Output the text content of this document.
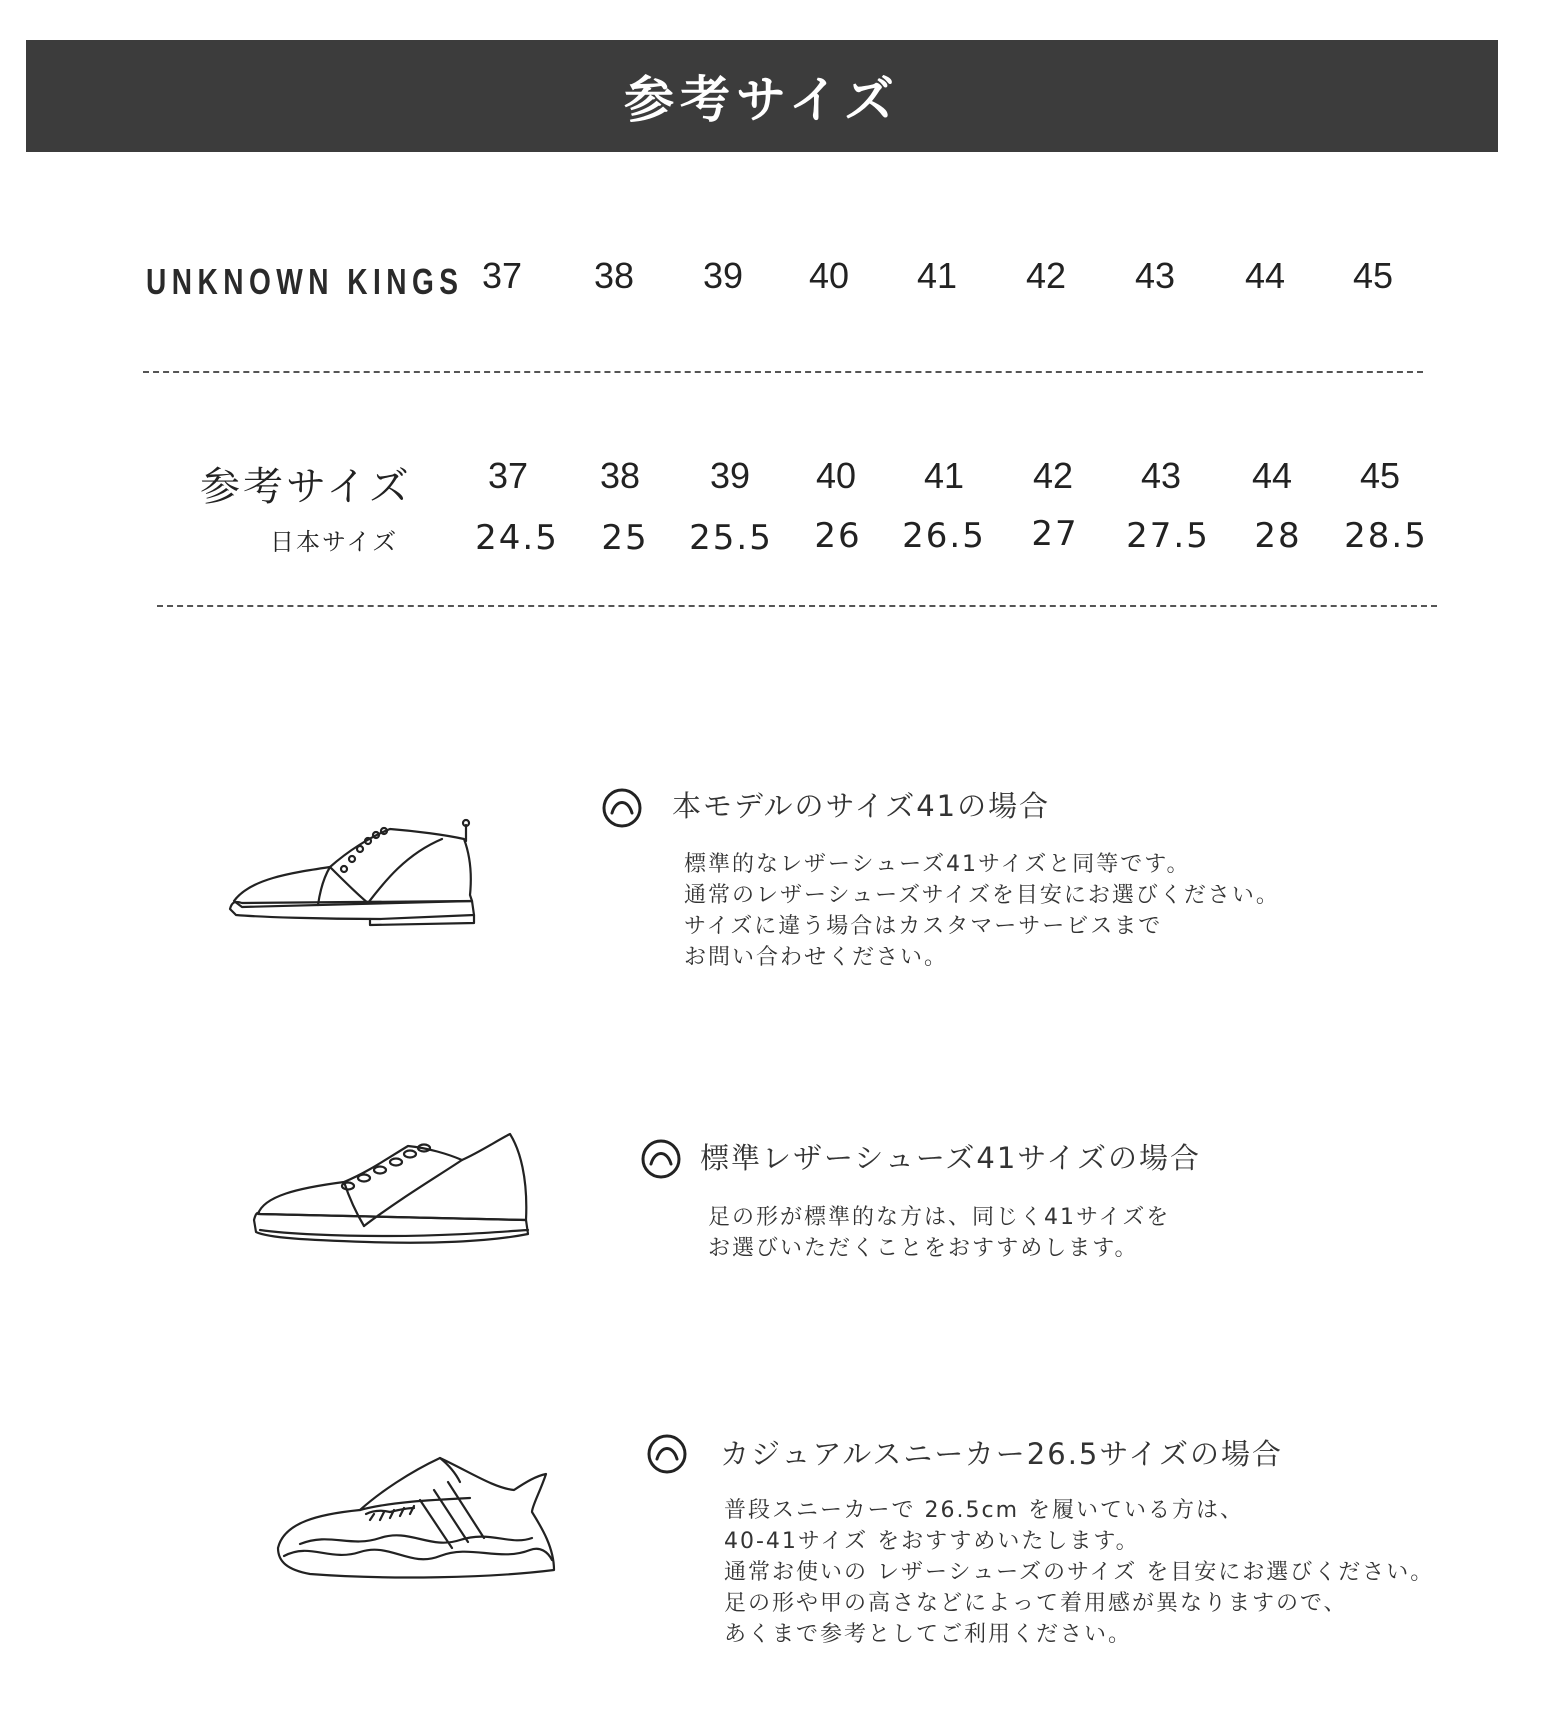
参考サイズ
UNKNOWN KINGS 37	38	39	40	41	42	43	44	45
参考サイズ	37	38	39	40	41	42	43	44	45
日本サイズ	24.5	25	25.5	26	26.5	27	27.5	28	28.5
本モデルのサイズ41の場合
標準的なレザーシューズ41サイズと同等です。
通常のレザーシューズサイズを目安にお選びください。
サイズに違う場合はカスタマーサービスまで
お問い合わせください。
標準レザーシューズ41サイズの場合
足の形が標準的な方は、同じく41サイズを
お選びいただくことをおすすめします。
カジュアルスニーカー26.5サイズの場合
普段スニーカーで 26.5cm を履いている方は、
40-41サイズ をおすすめいたします。
通常お使いの レザーシューズのサイズ を目安にお選びください。
足の形や甲の高さなどによって着用感が異なりますので、
あくまで参考としてご利用ください。
